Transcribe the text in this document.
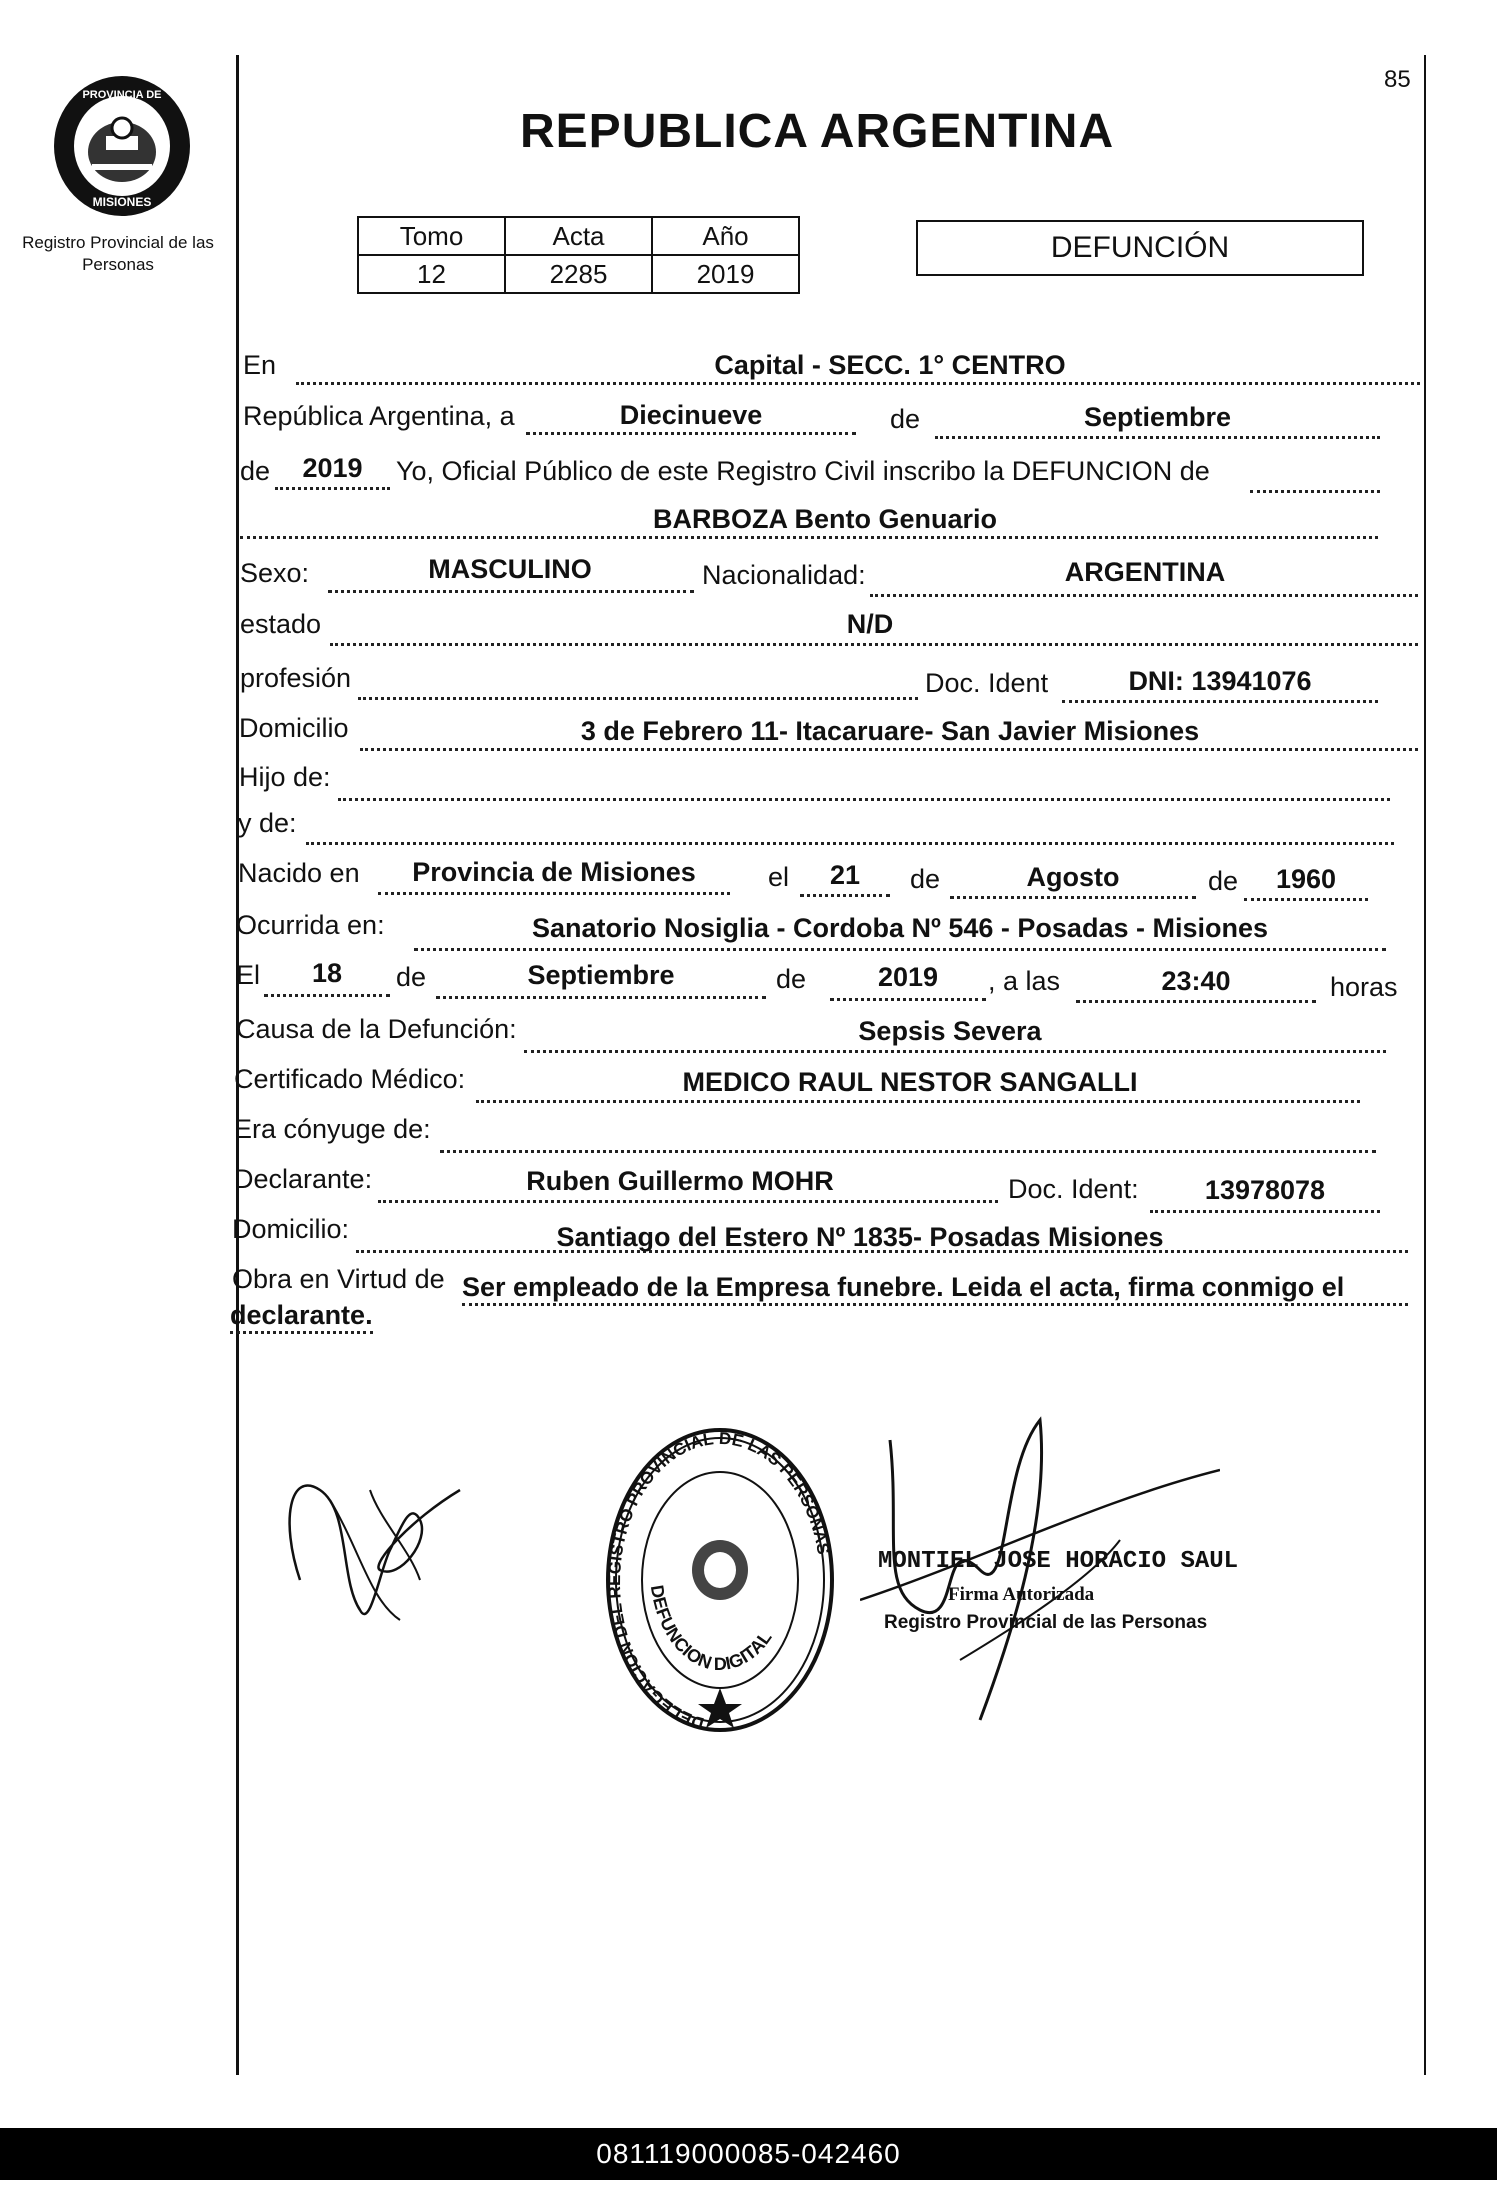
PROVINCIA DE
MISIONES
Registro Provincial de las Personas
85
REPUBLICA ARGENTINA
Tomo	Acta	Año
12	2285	2019
DEFUNCIÓN
En	Capital - SECC. 1° CENTRO
República Argentina, a	Diecinueve	de	Septiembre
de	2019	Yo, Oficial Público de este Registro Civil inscribo la DEFUNCION de
BARBOZA Bento Genuario
Sexo:	MASCULINO	Nacionalidad:	ARGENTINA
estado	N/D
profesión	Doc. Ident	DNI: 13941076
Domicilio	3 de Febrero 11- Itacaruare- San Javier Misiones
Hijo de:
y de:
Nacido en	Provincia de Misiones	el	21	de	Agosto	de	1960
Ocurrida en:	Sanatorio Nosiglia - Cordoba Nº 546 - Posadas - Misiones
El	18	de	Septiembre	de	2019	, a las	23:40	horas
Causa de la Defunción:	Sepsis Severa
Certificado Médico:	MEDICO RAUL NESTOR SANGALLI
Era cónyuge de:
Declarante:	Ruben Guillermo MOHR	Doc. Ident:	13978078
Domicilio:	Santiago del Estero Nº 1835- Posadas Misiones
Obra en Virtud de Ser empleado de la Empresa funebre. Leida el acta, firma conmigo el
declarante.
DELEGACION DEL REGISTRO PROVINCIAL DE LAS PERSONAS
DEFUNCION DIGITAL
MONTIEL JOSE HORACIO SAUL
Firma Autorizada
Registro Provincial de las Personas
081119000085-042460
